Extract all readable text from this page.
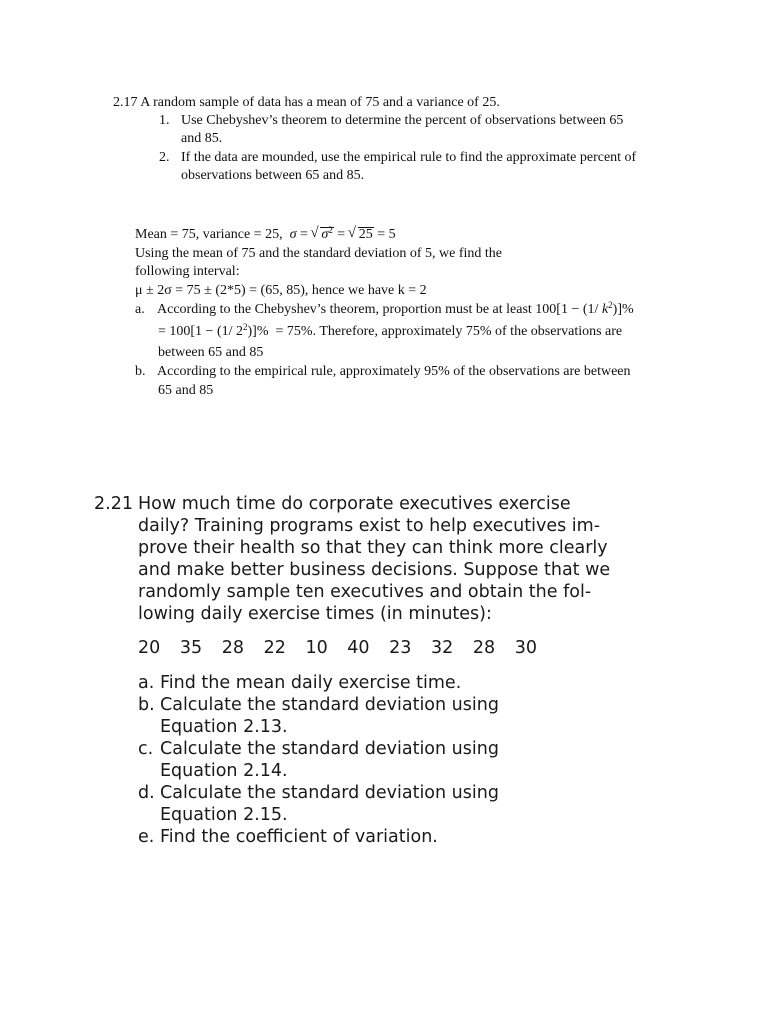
2.17 A random sample of data has a mean of 75 and a variance of 25.
1. Use Chebyshev’s theorem to determine the percent of observations between 65
and 85.
2. If the data are mounded, use the empirical rule to find the approximate percent of
observations between 65 and 85.
Mean = 75, variance = 25, σ = √ $\sigma^2$ = √ 25 = 5
Using the mean of 75 and the standard deviation of 5, we find the
following interval:
μ ± 2σ = 75 ± (2*5) = (65, 85), hence we have k = 2
a. According to the Chebyshev’s theorem, proportion must be at least 100[1 − (1/ $k^2)]\%$
= 100[1 − (1/ $2^2)]\% = 75\%$. Therefore, approximately 75% of the observations are
between 65 and 85
b. According to the empirical rule, approximately 95% of the observations are between
65 and 85
2.21 How much time do corporate executives exercise
daily? Training programs exist to help executives im-
prove their health so that they can think more clearly
and make better business decisions. Suppose that we
randomly sample ten executives and obtain the fol-
lowing daily exercise times (in minutes):
20 35 28 22 10 40 23 32 28 30
a. Find the mean daily exercise time.
b. Calculate the standard deviation using
Equation 2.13.
c. Calculate the standard deviation using
Equation 2.14.
d. Calculate the standard deviation using
Equation 2.15.
e. Find the coefficient of variation.
